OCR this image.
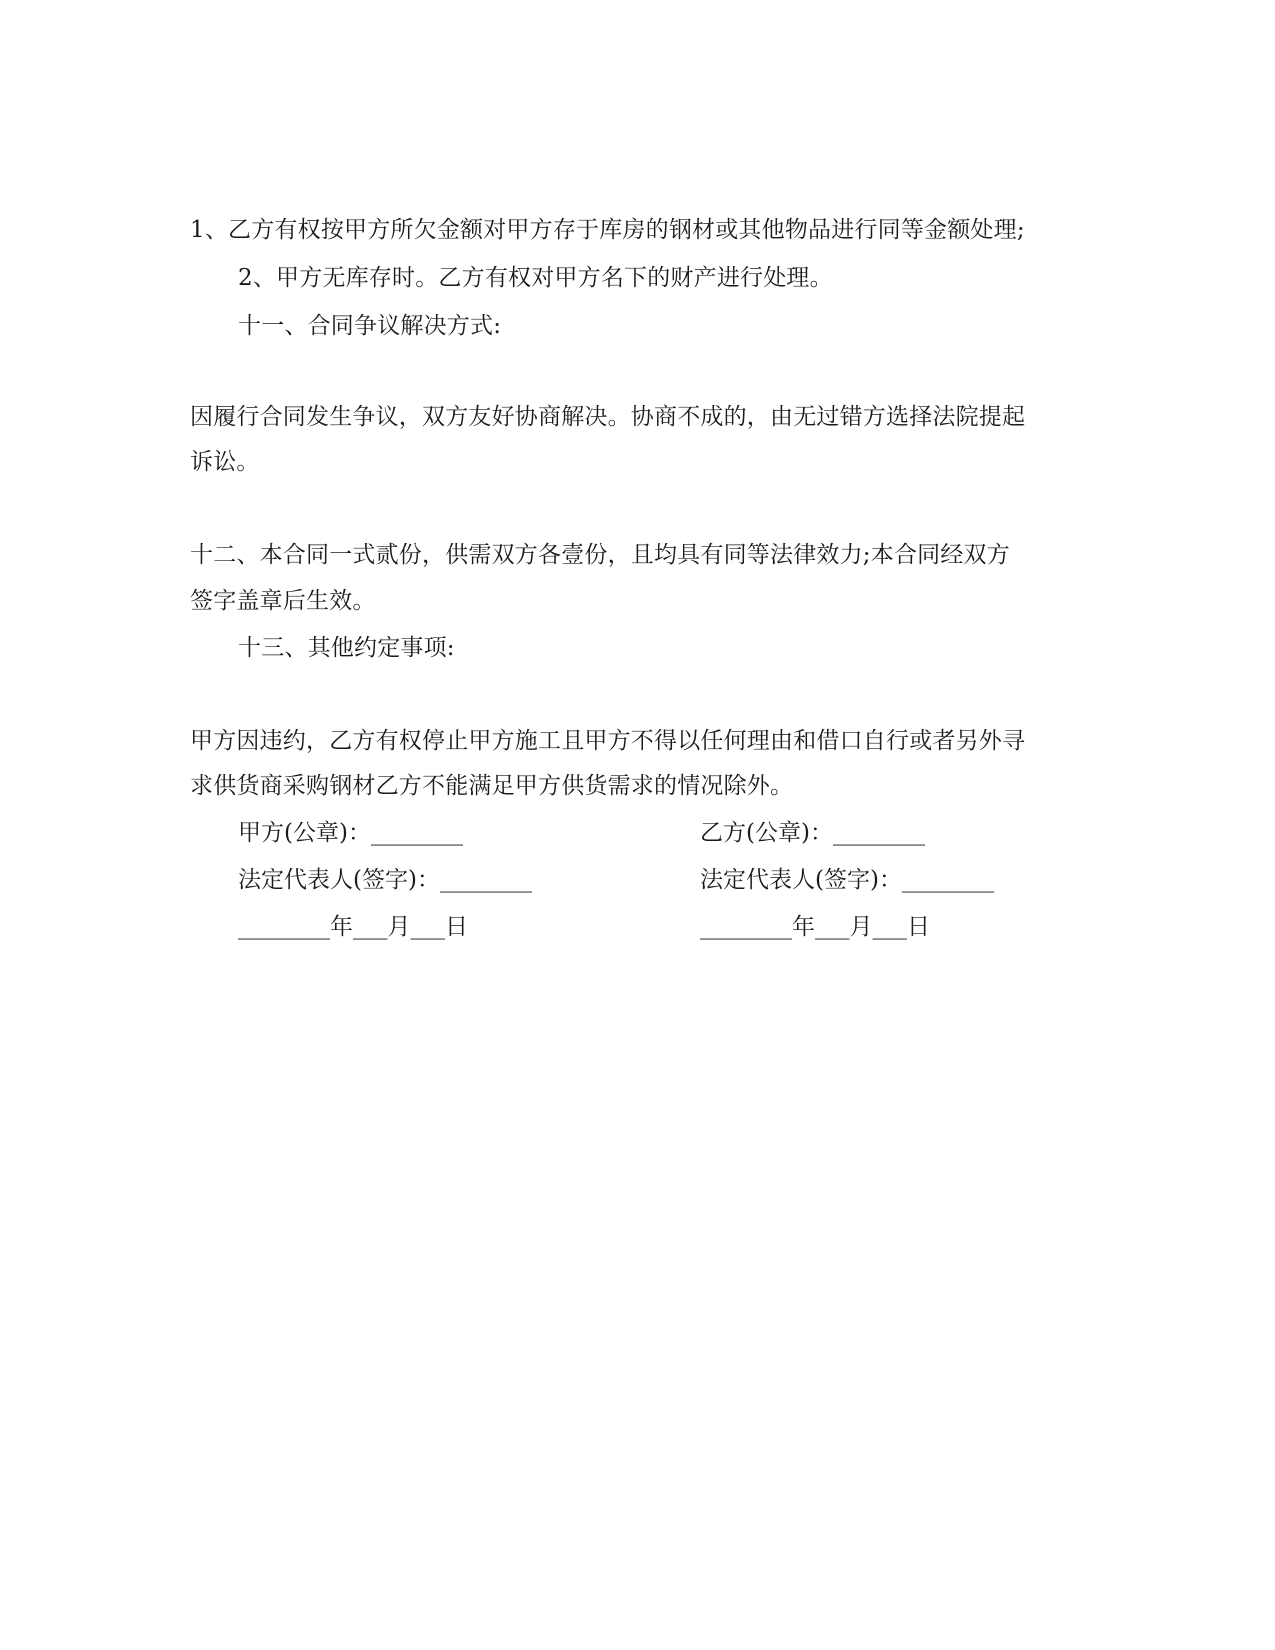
1、乙方有权按甲方所欠金额对甲方存于库房的钢材或其他物品进行同等金额处理;
2、甲方无库存时。乙方有权对甲方名下的财产进行处理。
十一、合同争议解决方式:
因履行合同发生争议，双方友好协商解决。协商不成的，由无过错方选择法院提起
诉讼。
十二、本合同一式贰份，供需双方各壹份，且均具有同等法律效力;本合同经双方
签字盖章后生效。
十三、其他约定事项:
甲方因违约，乙方有权停止甲方施工且甲方不得以任何理由和借口自行或者另外寻
求供货商采购钢材乙方不能满足甲方供货需求的情况除外。
甲方(公章)：________	乙方(公章)：________
法定代表人(签字)：________	法定代表人(签字)：________
________年___月___日	________年___月___日
